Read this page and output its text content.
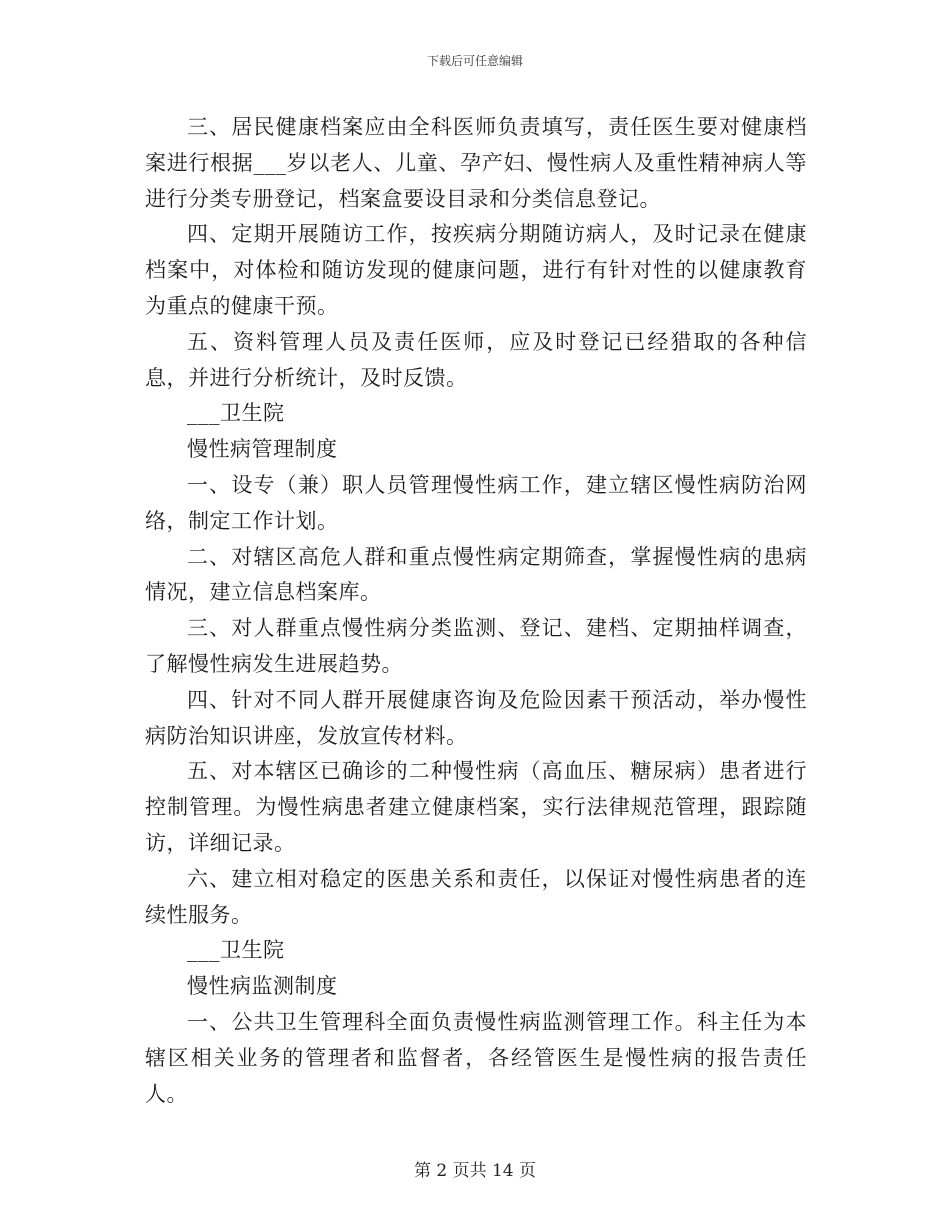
下载后可任意编辑

三、居民健康档案应由全科医师负责填写，责任医生要对健康档案进行根据___岁以老人、儿童、孕产妇、慢性病人及重性精神病人等进行分类专册登记，档案盒要设目录和分类信息登记。

四、定期开展随访工作，按疾病分期随访病人，及时记录在健康档案中，对体检和随访发现的健康问题，进行有针对性的以健康教育为重点的健康干预。

五、资料管理人员及责任医师，应及时登记已经猎取的各种信息，并进行分析统计，及时反馈。

___卫生院

慢性病管理制度

一、设专（兼）职人员管理慢性病工作，建立辖区慢性病防治网络，制定工作计划。

二、对辖区高危人群和重点慢性病定期筛查，掌握慢性病的患病情况，建立信息档案库。

三、对人群重点慢性病分类监测、登记、建档、定期抽样调查，了解慢性病发生进展趋势。

四、针对不同人群开展健康咨询及危险因素干预活动，举办慢性病防治知识讲座，发放宣传材料。

五、对本辖区已确诊的二种慢性病（高血压、糖尿病）患者进行控制管理。为慢性病患者建立健康档案，实行法律规范管理，跟踪随访，详细记录。

六、建立相对稳定的医患关系和责任，以保证对慢性病患者的连续性服务。

___卫生院

慢性病监测制度

一、公共卫生管理科全面负责慢性病监测管理工作。科主任为本辖区相关业务的管理者和监督者，各经管医生是慢性病的报告责任人。

第 2 页共 14 页
